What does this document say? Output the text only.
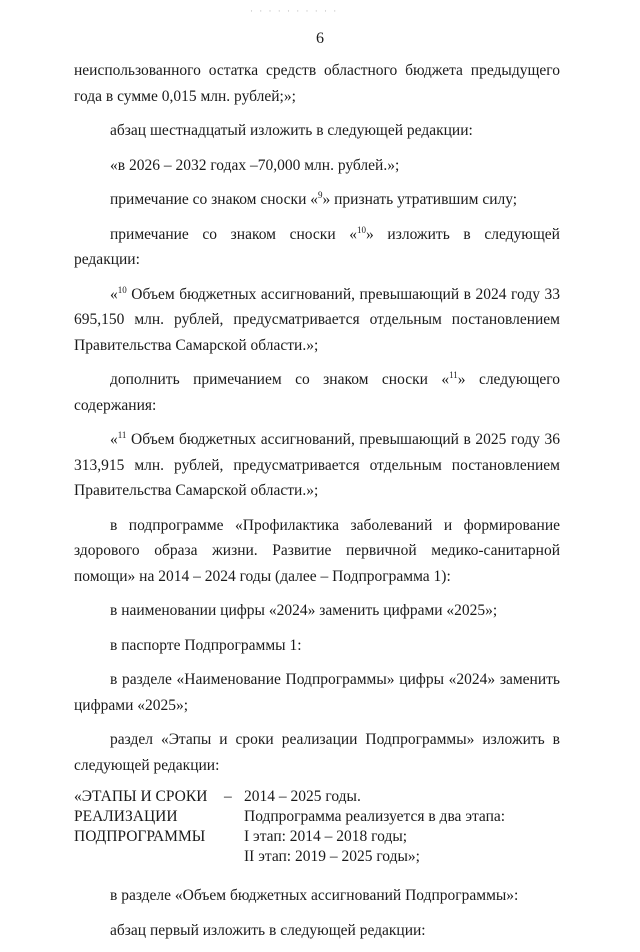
· · · · · · · · · ·
6

неиспользованного остатка средств областного бюджета предыдущего года в сумме 0,015 млн. рублей;»;

абзац шестнадцатый изложить в следующей редакции:

«в 2026 – 2032 годах –70,000 млн. рублей.»;

примечание со знаком сноски «$^9$» признать утратившим силу;

примечание со знаком сноски «$^{10}$» изложить в следующей редакции:

«$^{10}$ Объем бюджетных ассигнований, превышающий в 2024 году 33 695,150 млн. рублей, предусматривается отдельным постановлением Правительства Самарской области.»;

дополнить примечанием со знаком сноски «$^{11}$» следующего содержания:

«$^{11}$ Объем бюджетных ассигнований, превышающий в 2025 году 36 313,915 млн. рублей, предусматривается отдельным постановлением Правительства Самарской области.»;

в подпрограмме «Профилактика заболеваний и формирование здорового образа жизни. Развитие первичной медико-санитарной помощи» на 2014 – 2024 годы (далее – Подпрограмма 1):

в наименовании цифры «2024» заменить цифрами «2025»;

в паспорте Подпрограммы 1:

в разделе «Наименование Подпрограммы» цифры «2024» заменить цифрами «2025»;

раздел «Этапы и сроки реализации Подпрограммы» изложить в следующей редакции:

«ЭТАПЫ И СРОКИ
РЕАЛИЗАЦИИ
ПОДПРОГРАММЫ
– 2014 – 2025 годы.
Подпрограмма реализуется в два этапа:
I этап: 2014 – 2018 годы;
II этап: 2019 – 2025 годы»;

в разделе «Объем бюджетных ассигнований Подпрограммы»:

абзац первый изложить в следующей редакции:
